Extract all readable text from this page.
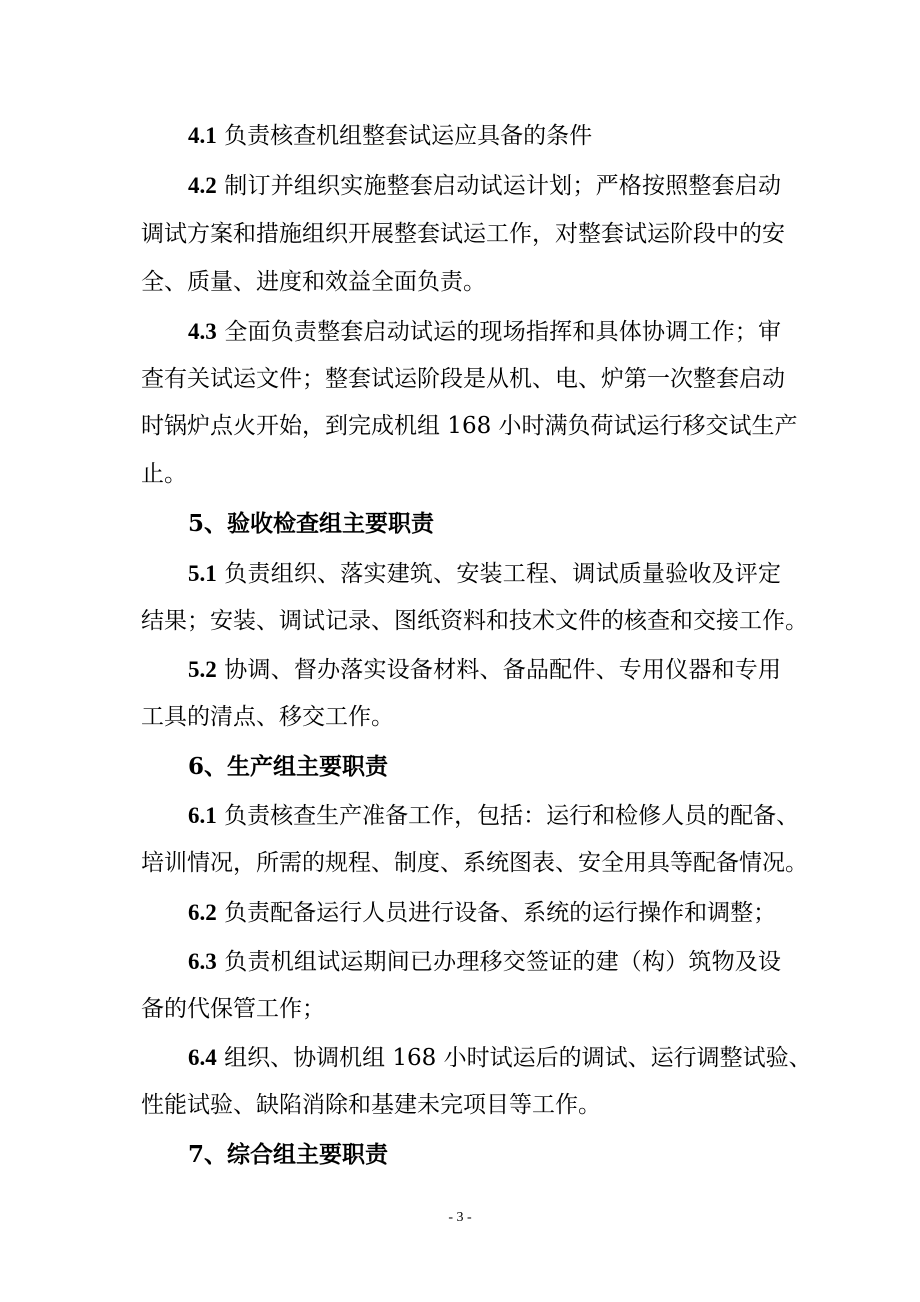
4.1 负责核查机组整套试运应具备的条件
4.2 制订并组织实施整套启动试运计划；严格按照整套启动
调试方案和措施组织开展整套试运工作，对整套试运阶段中的安
全、质量、进度和效益全面负责。
4.3 全面负责整套启动试运的现场指挥和具体协调工作；审
查有关试运文件；整套试运阶段是从机、电、炉第一次整套启动
时锅炉点火开始，到完成机组 168 小时满负荷试运行移交试生产
止。
5、验收检查组主要职责
5.1 负责组织、落实建筑、安装工程、调试质量验收及评定
结果；安装、调试记录、图纸资料和技术文件的核查和交接工作。
5.2 协调、督办落实设备材料、备品配件、专用仪器和专用
工具的清点、移交工作。
6、生产组主要职责
6.1 负责核查生产准备工作，包括：运行和检修人员的配备、
培训情况，所需的规程、制度、系统图表、安全用具等配备情况。
6.2 负责配备运行人员进行设备、系统的运行操作和调整；
6.3 负责机组试运期间已办理移交签证的建（构）筑物及设
备的代保管工作；
6.4 组织、协调机组 168 小时试运后的调试、运行调整试验、
性能试验、缺陷消除和基建未完项目等工作。
7、综合组主要职责
- 3 -
